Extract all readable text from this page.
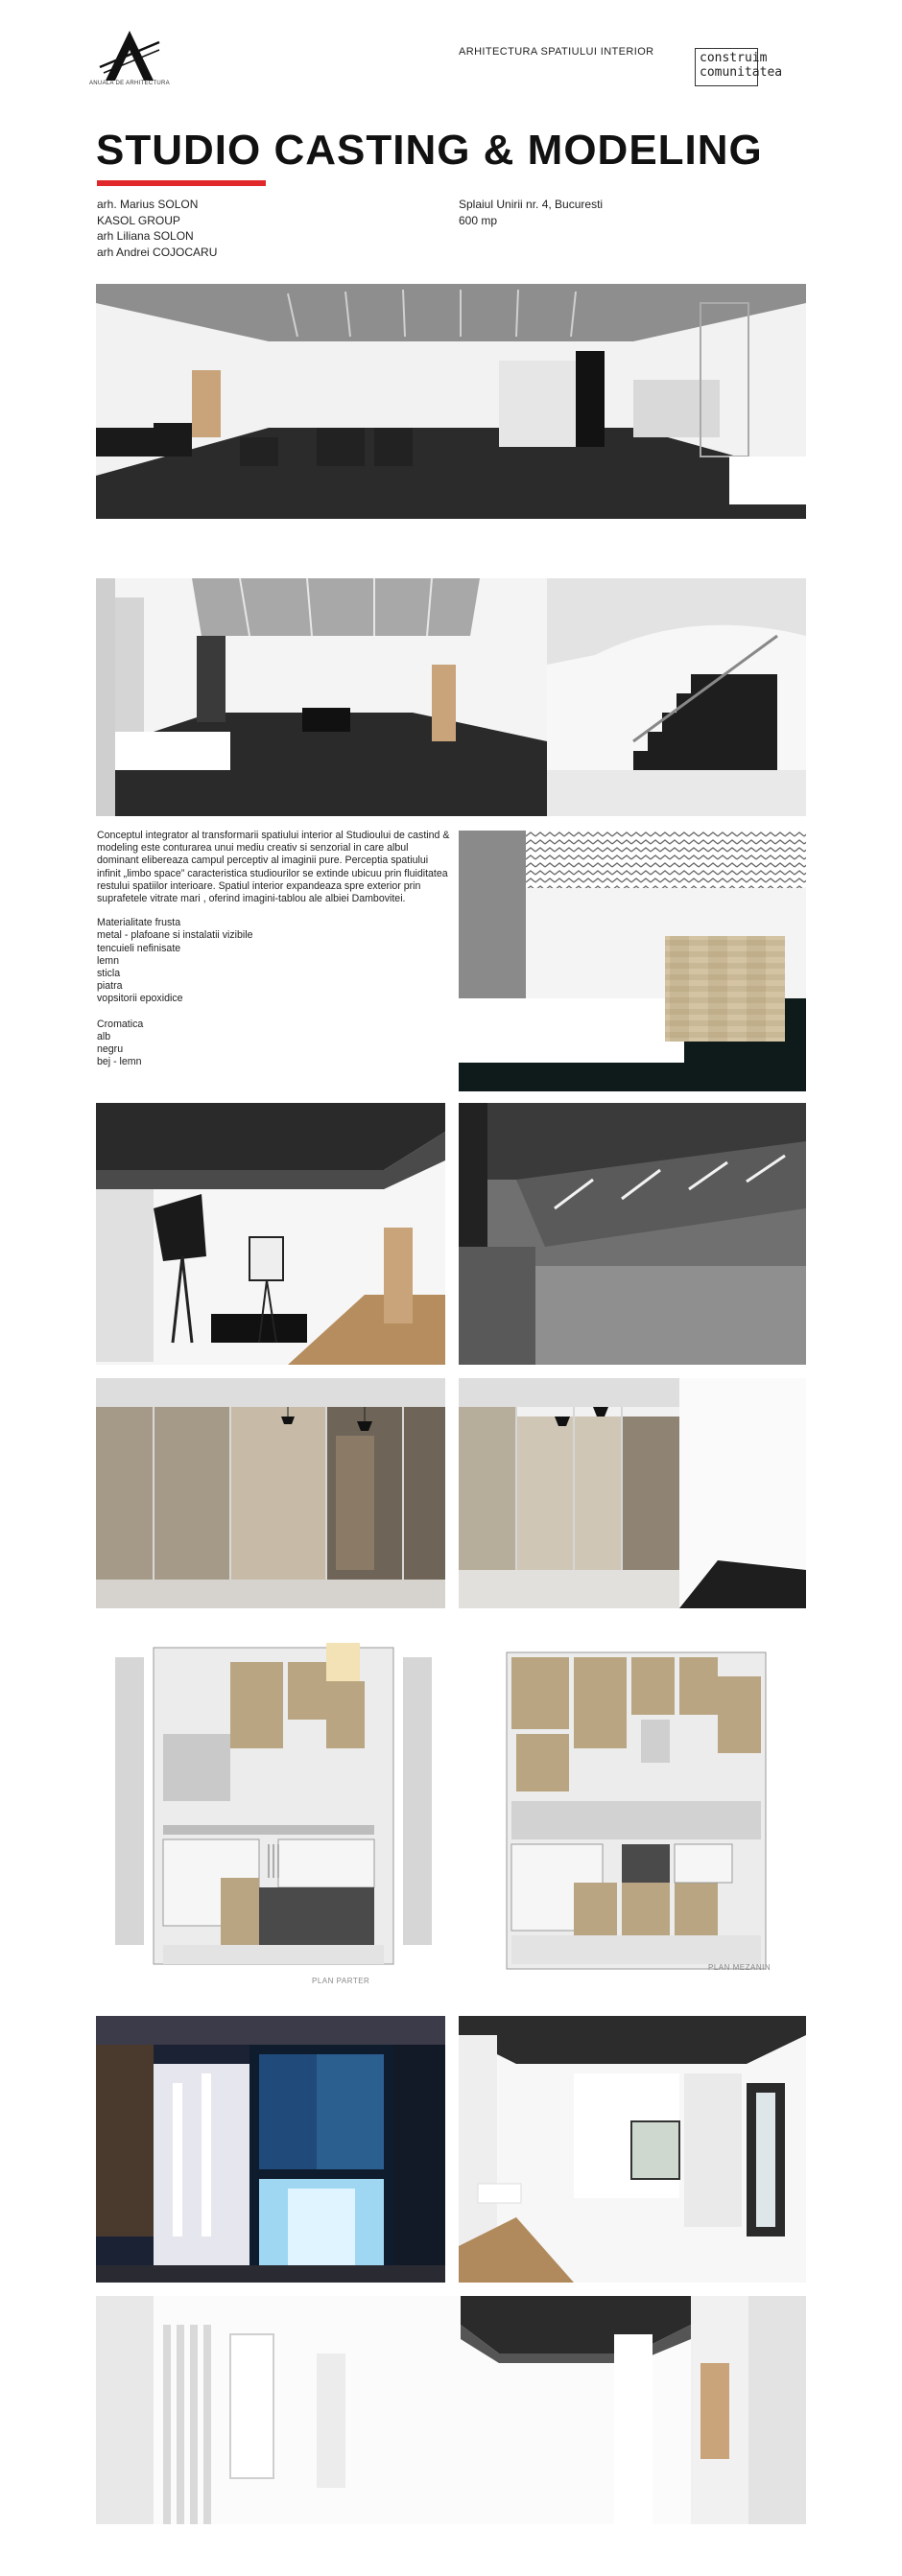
ANUALA DE ARHITECTURA
ARHITECTURA SPATIULUI INTERIOR	construim
comunitatea
STUDIO CASTING & MODELING
arh. Marius SOLON
KASOL GROUP
arh Liliana SOLON
arh Andrei COJOCARU
Splaiul Unirii nr. 4, Bucuresti
600 mp

Conceptul integrator al transformarii spatiului interior al Studioului de castind & modeling este conturarea unui mediu creativ si senzorial in care albul dominant elibereaza campul perceptiv al imaginii pure. Perceptia spatiului infinit „limbo space” caracteristica studiourilor se extinde ubicuu prin fluiditatea restului spatiilor interioare. Spatiul interior expandeaza spre exterior prin suprafetele vitrate mari , oferind imagini-tablou ale albiei Dambovitei.

Materialitate frusta
metal - plafoane si instalatii vizibile
tencuieli nefinisate
lemn
sticla
piatra
vopsitorii epoxidice
Cromatica
alb
negru
bej - lemn
PLAN PARTER
PLAN MEZANIN
